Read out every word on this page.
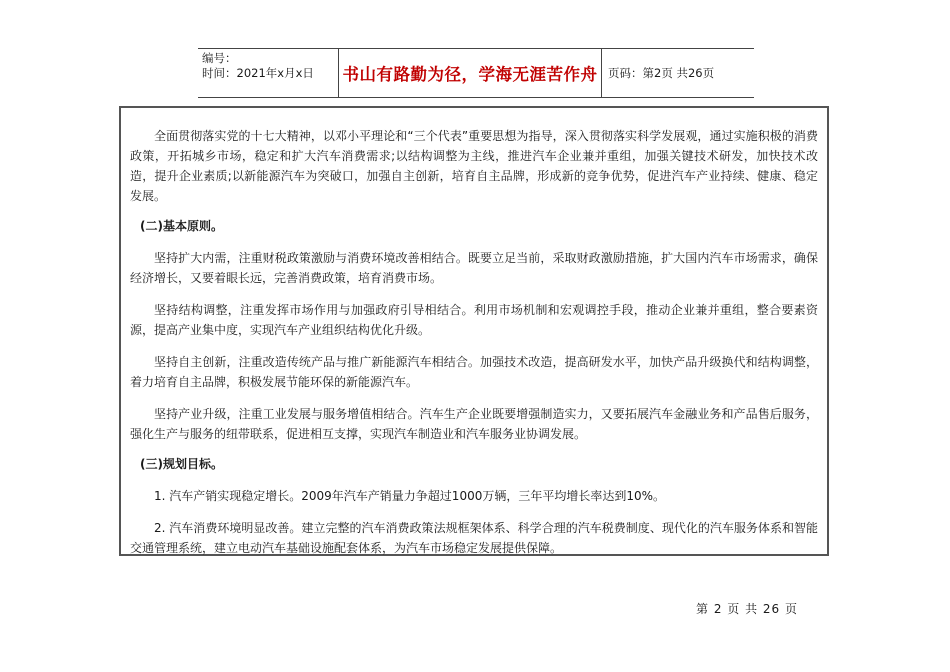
编号：
时间：2021年x月x日	书山有路勤为径，学海无涯苦作舟 页码：第2页 共26页

全面贯彻落实党的十七大精神，以邓小平理论和“三个代表”重要思想为指导，深入贯彻落实科学发展观，通过实施积极的消费政策，开拓城乡市场，稳定和扩大汽车消费需求;以结构调整为主线，推进汽车企业兼并重组，加强关键技术研发，加快技术改造，提升企业素质;以新能源汽车为突破口，加强自主创新，培育自主品牌，形成新的竞争优势，促进汽车产业持续、健康、稳定发展。

(二)基本原则。

坚持扩大内需，注重财税政策激励与消费环境改善相结合。既要立足当前，采取财政激励措施，扩大国内汽车市场需求，确保经济增长，又要着眼长远，完善消费政策，培育消费市场。

坚持结构调整，注重发挥市场作用与加强政府引导相结合。利用市场机制和宏观调控手段，推动企业兼并重组，整合要素资源，提高产业集中度，实现汽车产业组织结构优化升级。

坚持自主创新，注重改造传统产品与推广新能源汽车相结合。加强技术改造，提高研发水平，加快产品升级换代和结构调整，着力培育自主品牌，积极发展节能环保的新能源汽车。

坚持产业升级，注重工业发展与服务增值相结合。汽车生产企业既要增强制造实力，又要拓展汽车金融业务和产品售后服务，强化生产与服务的纽带联系，促进相互支撑，实现汽车制造业和汽车服务业协调发展。

(三)规划目标。

1. 汽车产销实现稳定增长。2009年汽车产销量力争超过1000万辆，三年平均增长率达到10%。

2. 汽车消费环境明显改善。建立完整的汽车消费政策法规框架体系、科学合理的汽车税费制度、现代化的汽车服务体系和智能交通管理系统，建立电动汽车基础设施配套体系，为汽车市场稳定发展提供保障。

第 2 页 共 26 页
